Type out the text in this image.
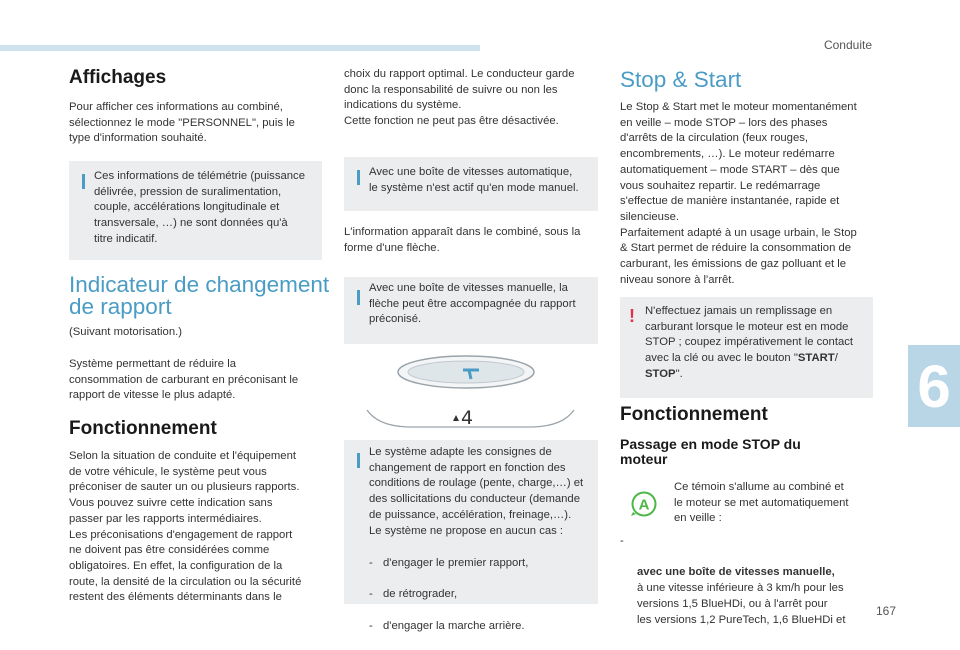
Conduite
6
167
Affichages

Pour afficher ces informations au combiné,
sélectionnez le mode "PERSONNEL", puis le
type d'information souhaité.

Ces informations de télémétrie (puissance
délivrée, pression de suralimentation,
couple, accélérations longitudinale et
transversale, …) ne sont données qu'à
titre indicatif.

Indicateur de changement
de rapport

(Suivant motorisation.)

Système permettant de réduire la
consommation de carburant en préconisant le
rapport de vitesse le plus adapté.

Fonctionnement

Selon la situation de conduite et l'équipement
de votre véhicule, le système peut vous
préconiser de sauter un ou plusieurs rapports.
Vous pouvez suivre cette indication sans
passer par les rapports intermédiaires.
Les préconisations d'engagement de rapport
ne doivent pas être considérées comme
obligatoires. En effet, la configuration de la
route, la densité de la circulation ou la sécurité
restent des éléments déterminants dans le

choix du rapport optimal. Le conducteur garde
donc la responsabilité de suivre ou non les
indications du système.
Cette fonction ne peut pas être désactivée.

Avec une boîte de vitesses automatique,
le système n'est actif qu'en mode manuel.

L'information apparaît dans le combiné, sous la
forme d'une flèche.

Avec une boîte de vitesses manuelle, la
flèche peut être accompagnée du rapport
préconisé.

4

Le système adapte les consignes de
changement de rapport en fonction des
conditions de roulage (pente, charge,…) et
des sollicitations du conducteur (demande
de puissance, accélération, freinage,…).
Le système ne propose en aucun cas :

- d'engager le premier rapport,

- de rétrograder,

- d'engager la marche arrière.

Stop & Start

Le Stop & Start met le moteur momentanément
en veille – mode STOP – lors des phases
d'arrêts de la circulation (feux rouges,
encombrements, …). Le moteur redémarre
automatiquement – mode START – dès que
vous souhaitez repartir. Le redémarrage
s'effectue de manière instantanée, rapide et
silencieuse.
Parfaitement adapté à un usage urbain, le Stop
& Start permet de réduire la consommation de
carburant, les émissions de gaz polluant et le
niveau sonore à l'arrêt.

! N'effectuez jamais un remplissage en
carburant lorsque le moteur est en mode
STOP ; coupez impérativement le contact
avec la clé ou avec le bouton "START/
STOP".

Fonctionnement
Passage en mode STOP du
moteur
A

Ce témoin s'allume au combiné et
le moteur se met automatiquement
en veille :

-

avec une boîte de vitesses manuelle,
à une vitesse inférieure à 3 km/h pour les
versions 1,5 BlueHDi, ou à l'arrêt pour
les versions 1,2 PureTech, 1,6 BlueHDi et
